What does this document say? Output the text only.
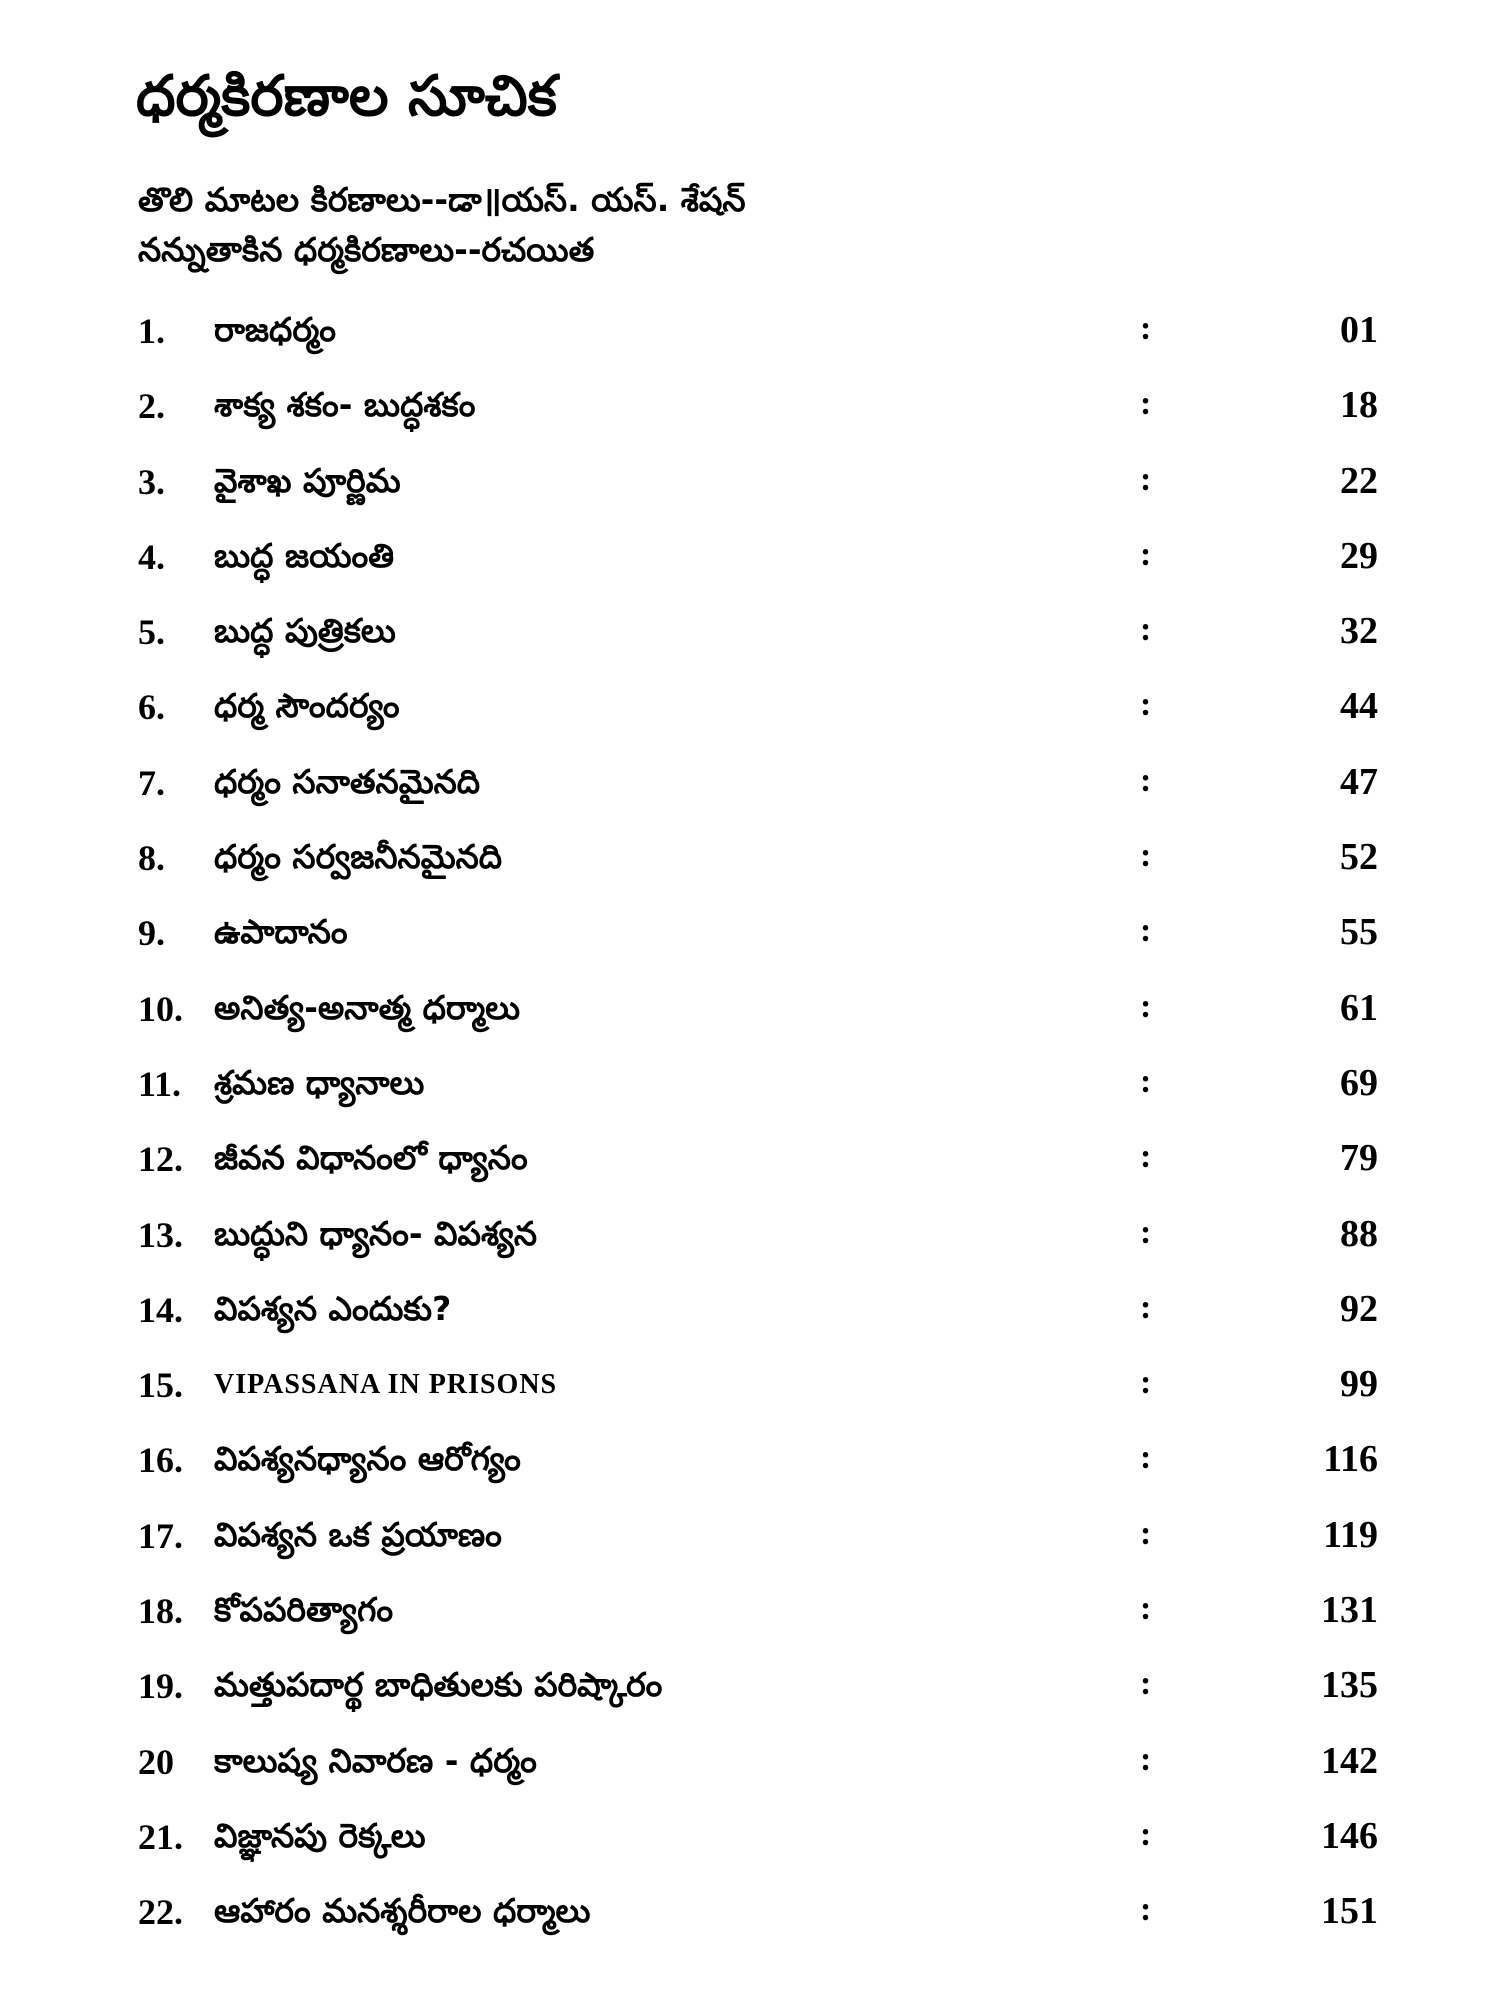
ధర్మకిరణాల సూచిక
తొలి మాటల కిరణాలు--డా॥యస్. యస్. శేషన్
నన్నుతాకిన ధర్మకిరణాలు--రచయిత
1. రాజధర్మం	:	01
2. శాక్య శకం- బుద్ధశకం	:	18
3. వైశాఖ పూర్ణిమ	:	22
4. బుద్ధ జయంతి	:	29
5. బుద్ధ పుత్రికలు	:	32
6. ధర్మ సౌందర్యం	:	44
7. ధర్మం సనాతనమైనది	:	47
8. ధర్మం సర్వజనీనమైనది	:	52
9. ఉపాదానం	:	55
10. అనిత్య-అనాత్మ ధర్మాలు	:	61
11. శ్రమణ ధ్యానాలు	:	69
12. జీవన విధానంలో ధ్యానం	:	79
13. బుద్ధుని ధ్యానం- విపశ్యన	:	88
14. విపశ్యన ఎందుకు?	:	92
15. VIPASSANA IN PRISONS	:	99
16. విపశ్యనధ్యానం ఆరోగ్యం	:	116
17. విపశ్యన ఒక ప్రయాణం	:	119
18. కోపపరిత్యాగం	:	131
19. మత్తుపదార్థ బాధితులకు పరిష్కారం	:	135
20 కాలుష్య నివారణ - ధర్మం	:	142
21. విజ్ఞానపు రెక్కలు	:	146
22. ఆహారం మనశ్శరీరాల ధర్మాలు	:	151
